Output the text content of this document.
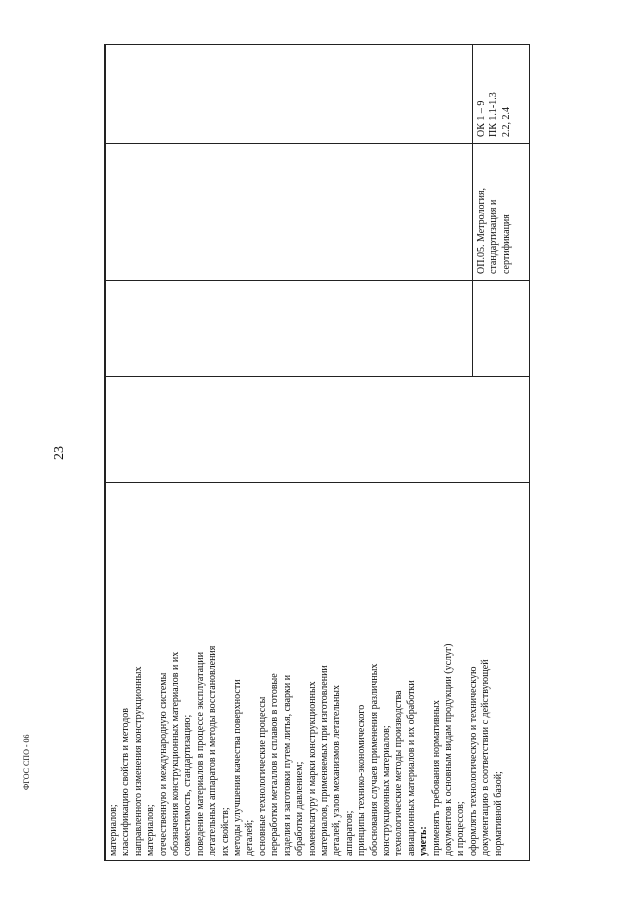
23
ФГОС СПО - 06

материалов; классификацию свойств и методов направленного изменения конструкционных материалов; отечественную и международную системы обозначения конструкционных материалов и их совместимость, стандартизацию; поведение материалов в процессе эксплуатации летательных аппаратов и методы восстановления их свойств; методы улучшения качества поверхности деталей; основные технологические процессы переработки металлов и сплавов в готовые изделия и заготовки путем литья, сварки и обработки давлением; номенклатуру и марки конструкционных материалов, применяемых при изготовлении деталей, узлов механизмов летательных аппаратов; принципы технико-экономического обоснования случаев применения различных конструкционных материалов; технологические методы производства авиационных материалов и их обработки уметь: применять требования нормативных документов к основным видам продукции (услуг) и процессов; оформлять технологическую и техническую документацию в соответствии с действующей нормативной базой;

ОП.05. Метрология, стандартизация и сертификация

ОК 1 – 9 ПК 1.1-1.3 2.2, 2.4
